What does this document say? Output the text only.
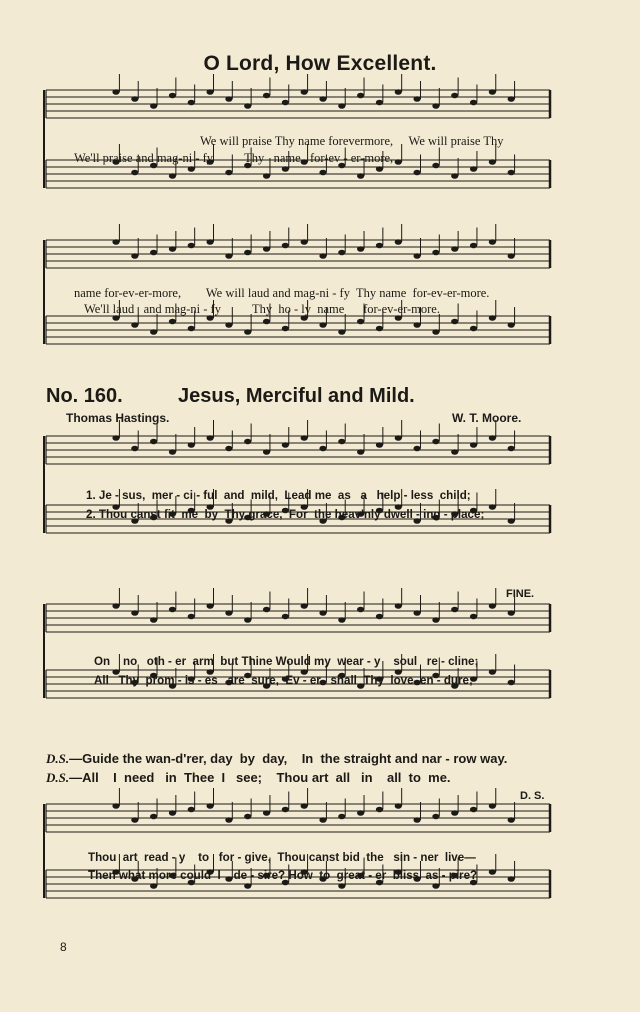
O Lord, How Excellent.
We will praise Thy name forevermore,     We will praise Thy
We'll praise and mag-ni - fy          Thy   name   for-ev - er-more,
name for-ev-er-more,        We will laud and mag-ni - fy  Thy name  for-ev-er-more.
We'll laud   and mag-ni - fy          Thy  ho - ly  name      for-ev-er-more.
No. 160.	Jesus, Merciful and Mild.
Thomas Hastings.	W. T. Moore.
1. Je - sus,  mer - ci - ful  and  mild,  Lead me  as   a   help - less  child;
2. Thou canst fit  me  by  Thy grace,  For  the heav'nly dwell - ing - place;
FINE.
On    no   oth - er  arm  but Thine Would my  wear - y    soul   re - cline;
All   Thy  prom - is - es   are  sure,  Ev - er   shall  Thy  love  en - dure;
D.S.—Guide the wan-d'rer, day  by  day,    In  the straight and nar - row way.
D.S.—All    I  need   in  Thee  I   see;    Thou art  all   in    all  to  me.
D. S.
Thou  art  read - y    to   for - give,  Thou canst bid  the   sin - ner  live—
Then what more could  I    de - sire? How  to  great - er  bliss  as - pire?
8
